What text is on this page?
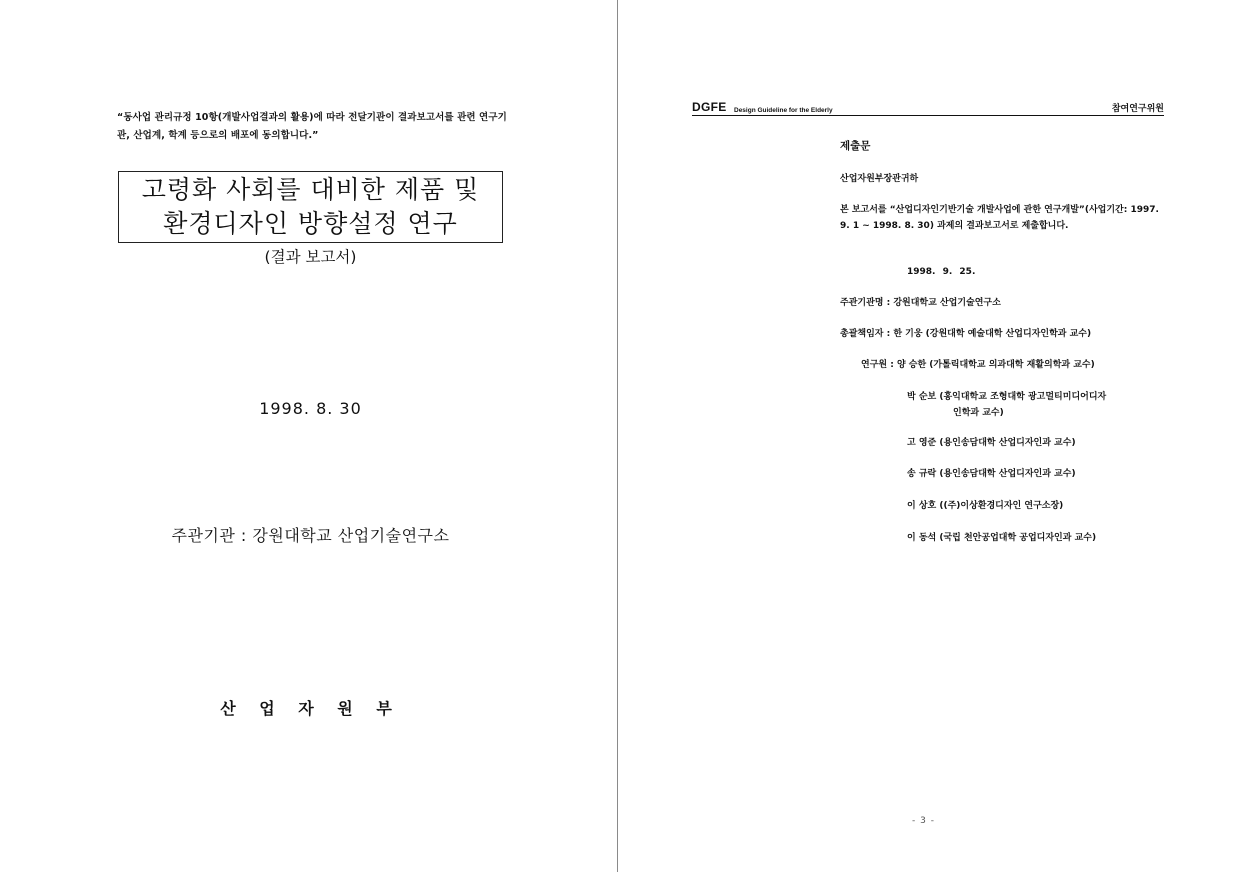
“동사업 관리규정 10항(개발사업결과의 활용)에 따라 전달기관이 결과보고서를 관련 연구기관, 산업계, 학계 등으로의 배포에 동의합니다.”
고령화 사회를 대비한 제품 및
환경디자인 방향설정 연구
(결과 보고서)
1998. 8. 30
주관기관 : 강원대학교 산업기술연구소
산 업 자 원 부
DGFE Design Guideline for the Elderly	참여연구위원
제출문
산업자원부장관귀하
본 보고서를 “산업디자인기반기술 개발사업에 관한 연구개발”(사업기간: 1997. 9. 1 ~ 1998. 8. 30) 과제의 결과보고서로 제출합니다.
1998. 9. 25.
주관기관명 : 강원대학교 산업기술연구소
총괄책임자 : 한 기웅 (강원대학 예술대학 산업디자인학과 교수)
연구원 : 양 승한 (가톨릭대학교 의과대학 재활의학과 교수)
박 순보 (홍익대학교 조형대학 광고멀티미디어디자
인학과 교수)
고 영준 (용인송담대학 산업디자인과 교수)
송 규락 (용인송담대학 산업디자인과 교수)
이 상호 ((주)이상환경디자인 연구소장)
이 동석 (국립 천안공업대학 공업디자인과 교수)
- 3 -
